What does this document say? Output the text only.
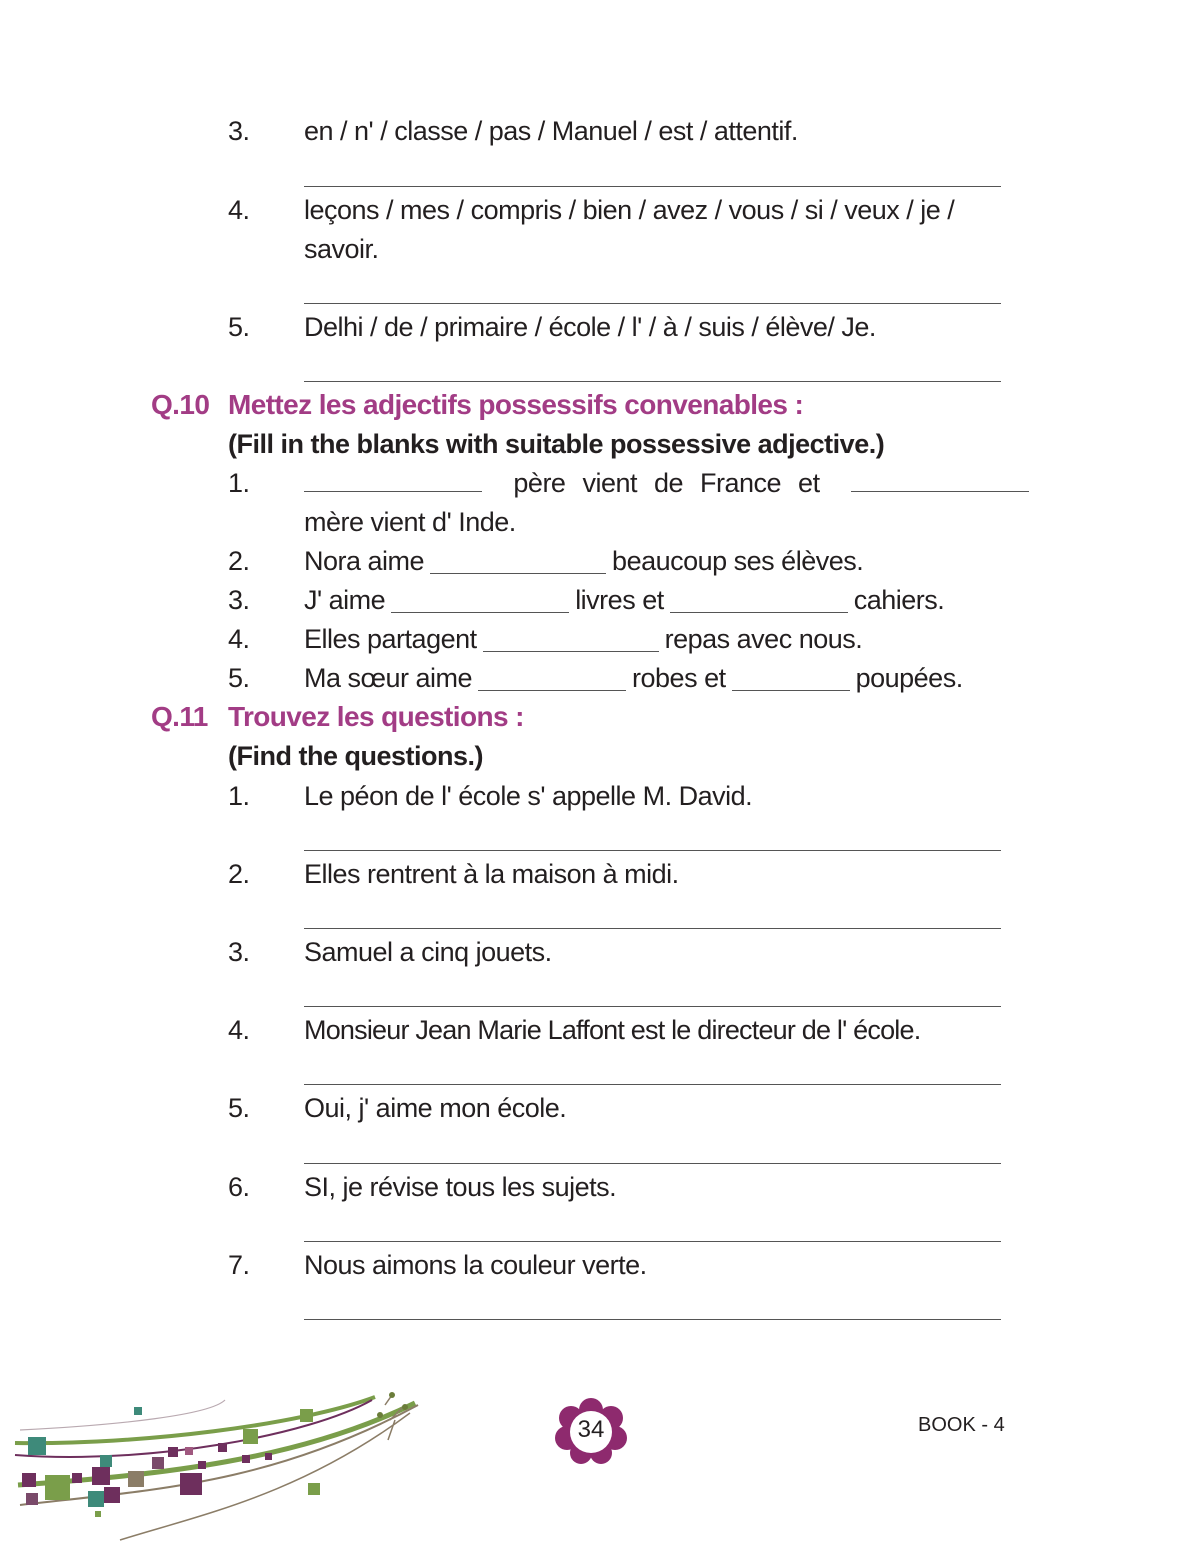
3. en / n' / classe / pas / Manuel / est / attentif.
4. leçons / mes / compris / bien / avez / vous / si / veux / je /
savoir.
5. Delhi / de / primaire / école / l' / à / suis / élève/ Je.
Q.10 Mettez les adjectifs possessifs convenables :
(Fill in the blanks with suitable possessive adjective.)
1.	père vient de France et
mère vient d' Inde.
2. Nora aime	beaucoup ses élèves.
3. J' aime	livres et	cahiers.
4. Elles partagent	repas avec nous.
5. Ma sœur aime	robes et	poupées.
Q.11 Trouvez les questions :
(Find the questions.)
1. Le péon de l' école s' appelle M. David.
2. Elles rentrent à la maison à midi.
3. Samuel a cinq jouets.
4. Monsieur Jean Marie Laffont est le directeur de l' école.
5. Oui, j' aime mon école.
6. SI, je révise tous les sujets.
7. Nous aimons la couleur verte.
34	BOOK - 4
